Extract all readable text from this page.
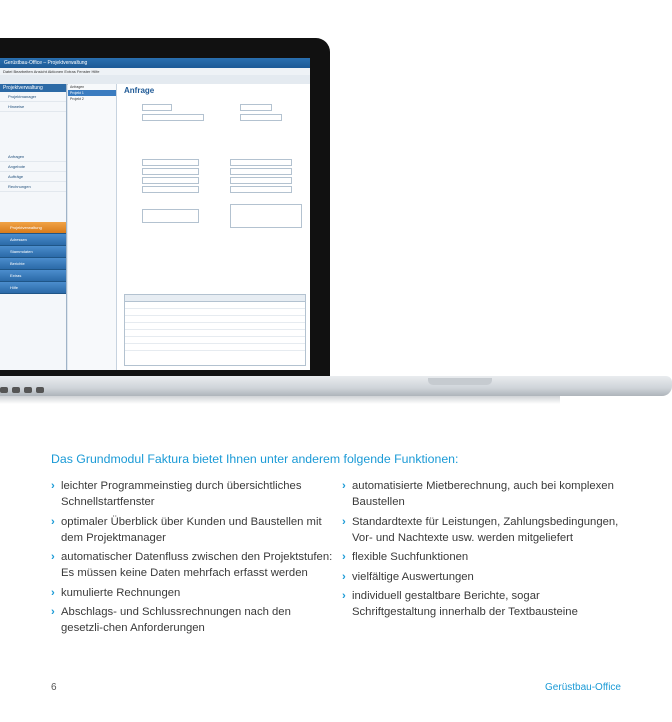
Gerüstbau-Office – Projektverwaltung
Datei Bearbeiten Ansicht Aktionen Extras Fenster Hilfe
Projektverwaltung
Projektmanager
Hinweise
Anfragen
Angebote
Aufträge
Rechnungen
Projektverwaltung
Adressen
Stammdaten
Berichte
Extras
Hilfe
Anfragen
Projekt 1
Projekt 2
Anfrage
Das Grundmodul Faktura bietet Ihnen unter anderem folgende Funktionen:
› leichter Programmeinstieg durch übersichtliches Schnellstartfenster
› optimaler Überblick über Kunden und Baustellen mit dem Projektmanager
› automatischer Datenfluss zwischen den Projektstufen: Es müssen keine Daten mehrfach erfasst werden
› kumulierte Rechnungen
› Abschlags- und Schlussrechnungen nach den gesetzli-chen Anforderungen
› automatisierte Mietberechnung, auch bei komplexen Baustellen
› Standardtexte für Leistungen, Zahlungsbedingungen, Vor- und Nachtexte usw. werden mitgeliefert
› flexible Suchfunktionen
› vielfältige Auswertungen
› individuell gestaltbare Berichte, sogar Schriftgestaltung innerhalb der Textbausteine
6	Gerüstbau-Office
